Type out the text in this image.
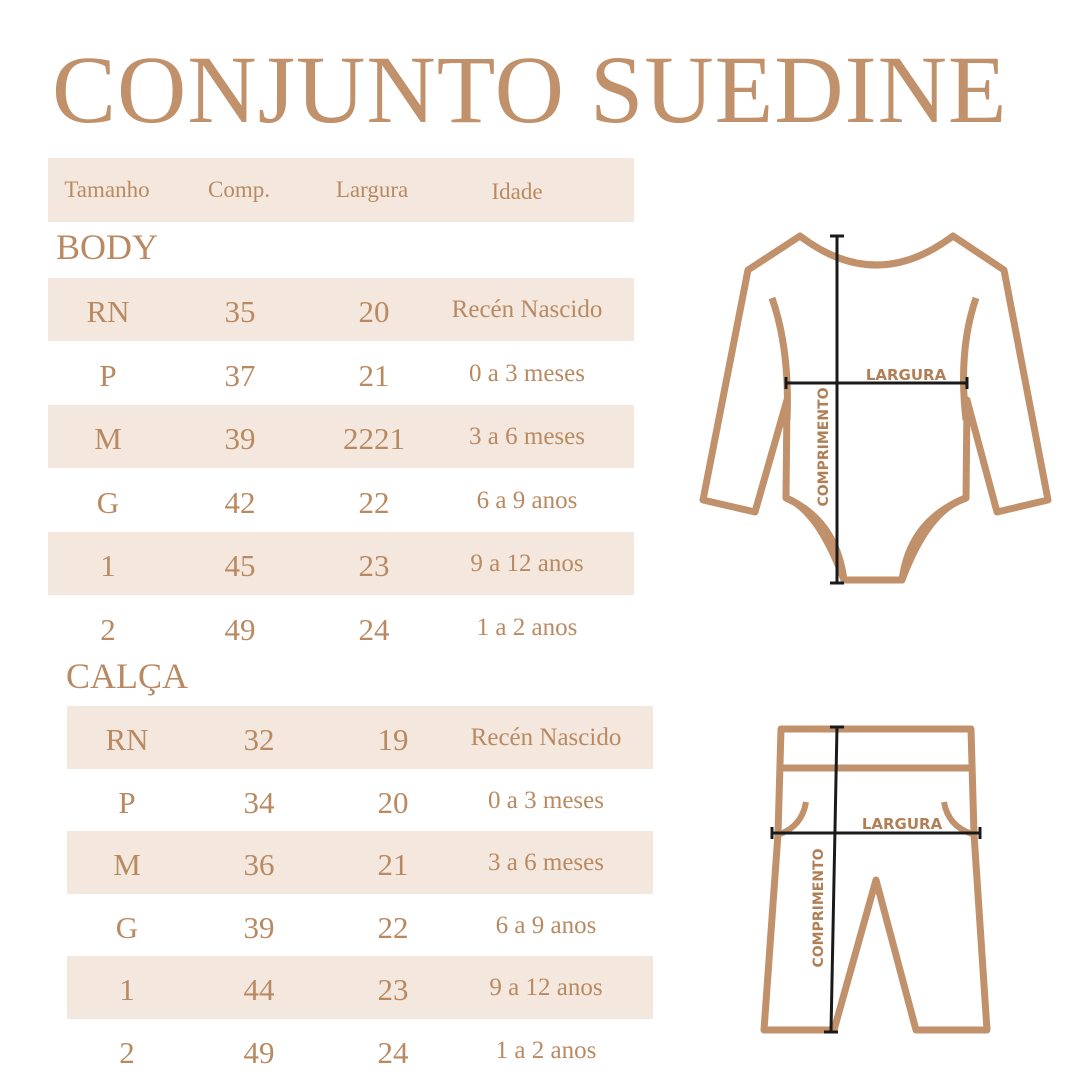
CONJUNTO SUEDINE
Tamanho	Comp.	Largura	Idade
BODY
RN	35	20 Recén Nascido
P	37	21	0 a 3 meses
M	39	2221	3 a 6 meses
G	42	22	6 a 9 anos
1	45	23	9 a 12 anos
2	49	24	1 a 2 anos
CALÇA
RN	32	19 Recén Nascido
P	34	20	0 a 3 meses
M	36	21	3 a 6 meses
G	39	22	6 a 9 anos
1	44	23	9 a 12 anos
2	49	24	1 a 2 anos
LARGURA
COMPRIMENTO
LARGURA
COMPRIMENTO
